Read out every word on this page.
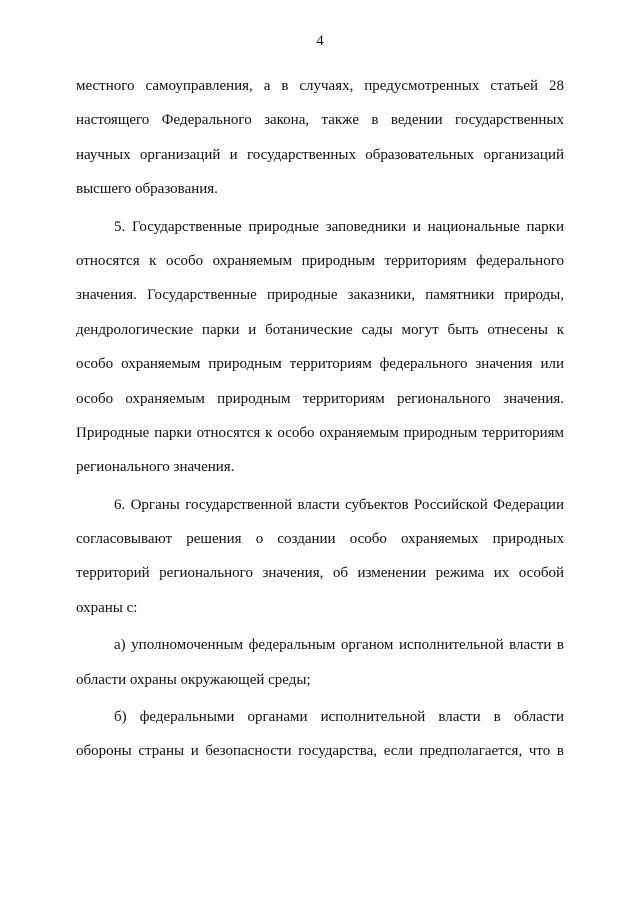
4
местного самоуправления, а в случаях, предусмотренных статьей 28
настоящего Федерального закона, также в ведении государственных
научных организаций и государственных образовательных организаций
высшего образования.
5. Государственные природные заповедники и национальные парки
относятся к особо охраняемым природным территориям федерального
значения. Государственные природные заказники, памятники природы,
дендрологические парки и ботанические сады могут быть отнесены к
особо охраняемым природным территориям федерального значения или
особо охраняемым природным территориям регионального значения.
Природные парки относятся к особо охраняемым природным территориям
регионального значения.
6. Органы государственной власти субъектов Российской Федерации
согласовывают решения о создании особо охраняемых природных
территорий регионального значения, об изменении режима их особой
охраны с:
а) уполномоченным федеральным органом исполнительной власти в
области охраны окружающей среды;
б) федеральными органами исполнительной власти в области
обороны страны и безопасности государства, если предполагается, что в
